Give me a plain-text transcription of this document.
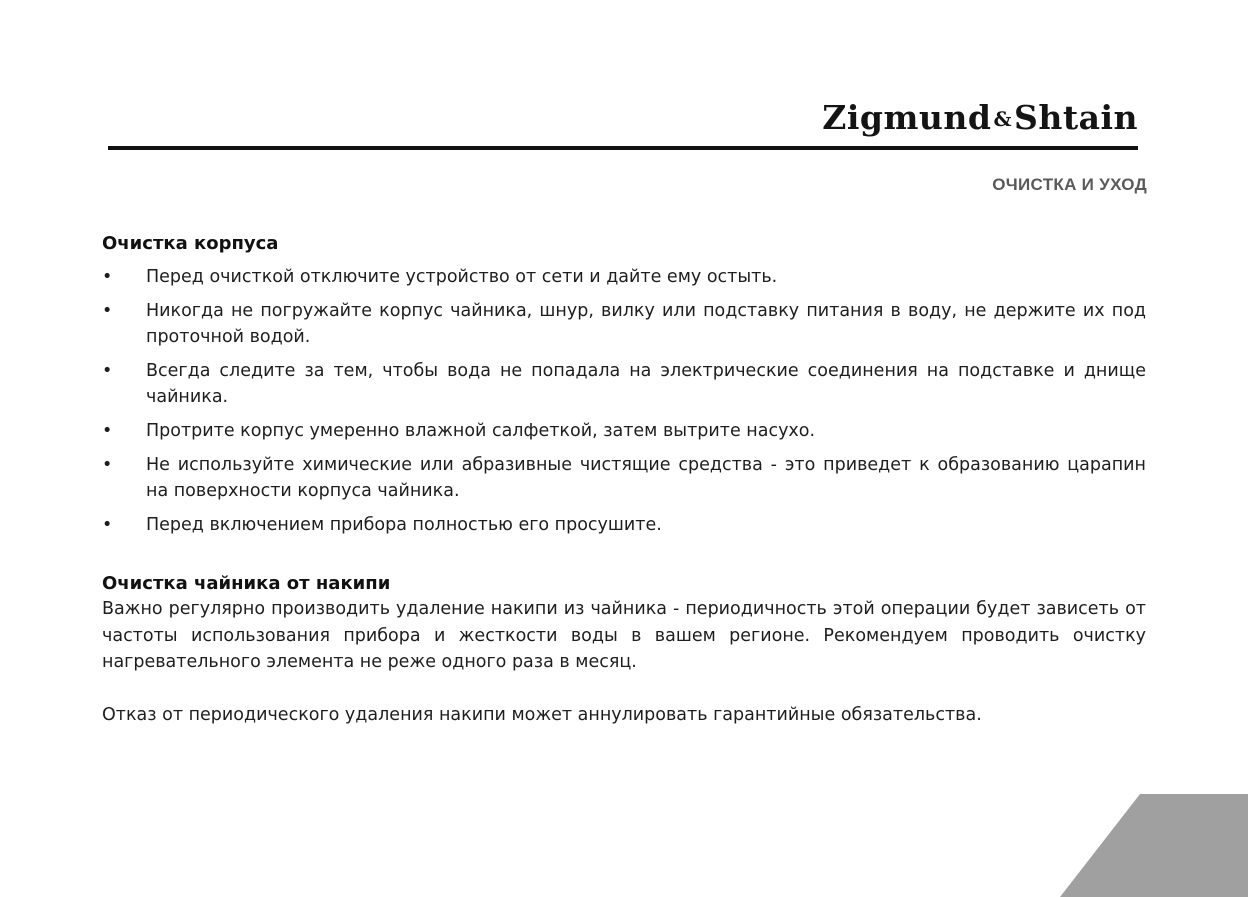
Zigmund &Shtain
ОЧИСТКА И УХОД
Очистка корпуса
• Перед очисткой отключите устройство от сети и дайте ему остыть.
• Никогда не погружайте корпус чайника, шнур, вилку или подставку питания в воду, не держите их под проточной водой.
• Всегда следите за тем, чтобы вода не попадала на электрические соединения на подставке и днище чайника.
• Протрите корпус умеренно влажной салфеткой, затем вытрите насухо.
• Не используйте химические или абразивные чистящие средства - это приведет к образованию царапин на поверхности корпуса чайника.
• Перед включением прибора полностью его просушите.
Очистка чайника от накипи

Важно регулярно производить удаление накипи из чайника - периодичность этой операции будет зависеть от частоты использования прибора и жесткости воды в вашем регионе. Рекомендуем проводить очистку нагревательного элемента не реже одного раза в месяц.

Отказ от периодического удаления накипи может аннулировать гарантийные обязательства.
